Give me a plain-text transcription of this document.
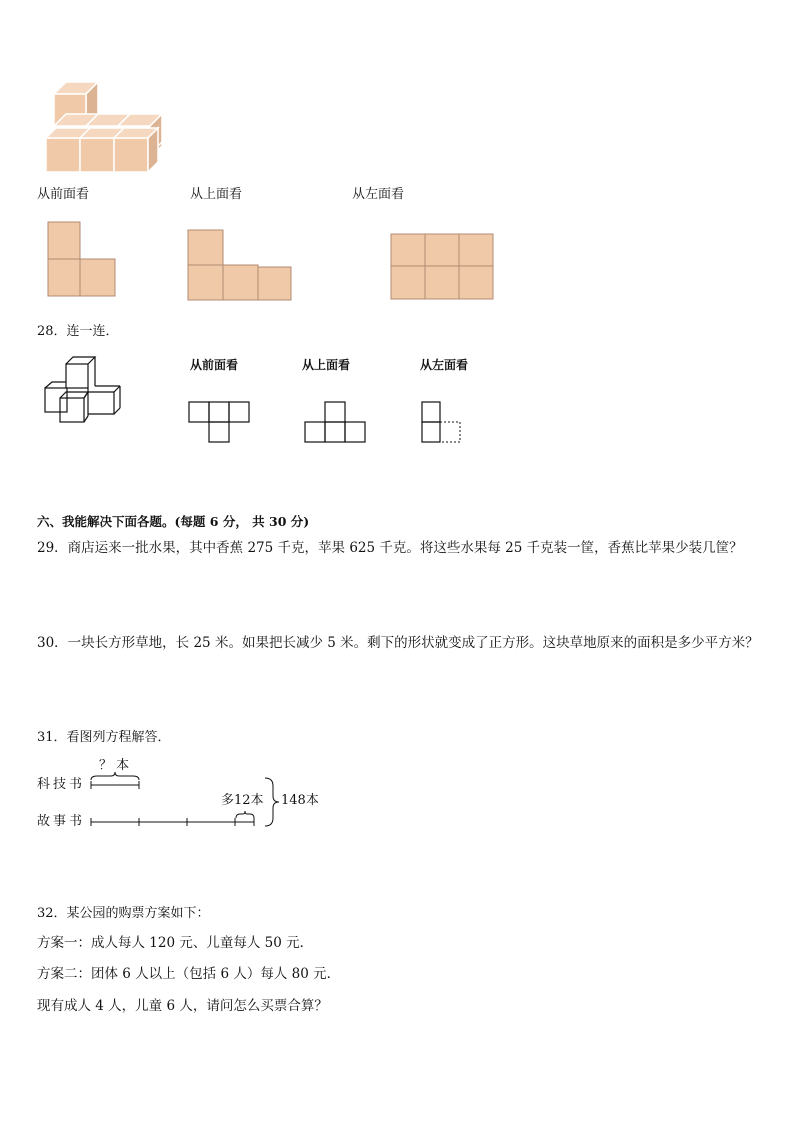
从前面看	从上面看	从左面看
28．连一连．
从前面看	从上面看	从左面看
六、我能解决下面各题。(每题 6 分， 共 30 分)
29．商店运来一批水果，其中香蕉 275 千克，苹果 625 千克。将这些水果每 25 千克装一筐，香蕉比苹果少装几筐？
30．一块长方形草地，长 25 米。如果把长减少 5 米。剩下的形状就变成了正方形。这块草地原来的面积是多少平方米？
31．看图列方程解答．
科技书
故事书
？ 本
多12本 148本
32．某公园的购票方案如下：
方案一：成人每人 120 元、儿童每人 50 元．
方案二：团体 6 人以上（包括 6 人）每人 80 元．
现有成人 4 人，儿童 6 人，请问怎么买票合算？
